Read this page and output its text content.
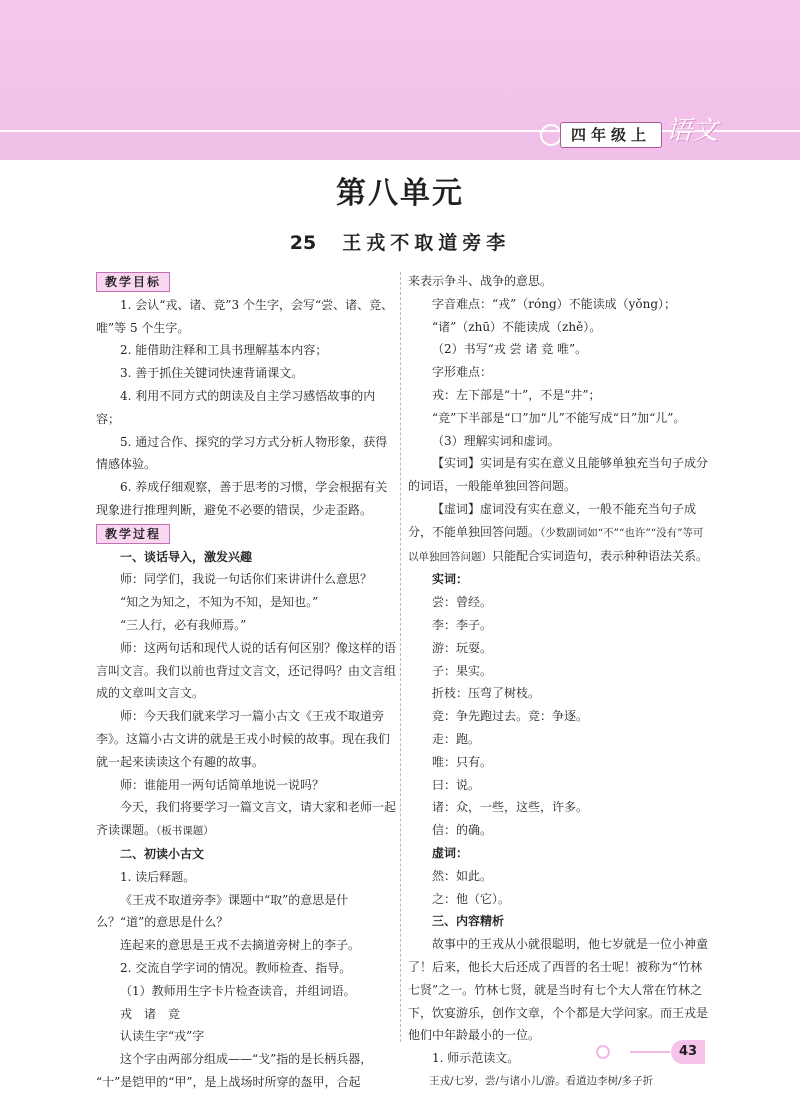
四年级上 语文
第八单元
25 王戎不取道旁李
教学目标

1. 会认“戎、诸、竞”3 个生字，会写“尝、诸、竞、唯”等 5 个生字。

2. 能借助注释和工具书理解基本内容；

3. 善于抓住关键词快速背诵课文。

4. 利用不同方式的朗读及自主学习感悟故事的内容；

5. 通过合作、探究的学习方式分析人物形象，获得情感体验。

6. 养成仔细观察，善于思考的习惯，学会根据有关现象进行推理判断，避免不必要的错误，少走歪路。

教学过程

一、谈话导入，激发兴趣

师：同学们，我说一句话你们来讲讲什么意思？

“知之为知之，不知为不知，是知也。”

“三人行，必有我师焉。”

师：这两句话和现代人说的话有何区别？像这样的语言叫文言。我们以前也背过文言文，还记得吗？由文言组成的文章叫文言文。

师：今天我们就来学习一篇小古文《王戎不取道旁李》。这篇小古文讲的就是王戎小时候的故事。现在我们就一起来读读这个有趣的故事。

师：谁能用一两句话简单地说一说吗？

今天，我们将要学习一篇文言文，请大家和老师一起齐读课题。（板书课题）

二、初读小古文

1. 读后释题。

《王戎不取道旁李》课题中“取”的意思是什么？“道”的意思是什么？

连起来的意思是王戎不去摘道旁树上的李子。

2. 交流自学字词的情况。教师检查、指导。

（1）教师用生字卡片检查读音，并组词语。

戎　诸　竞

认读生字“戎”字

这个字由两部分组成——“戈”指的是长柄兵器，

“十”是铠甲的“甲”，是上战场时所穿的盔甲，合起

来表示争斗、战争的意思。

字音难点：“戎”（róng）不能读成（yǒng）；

“诸”（zhū）不能读成（zhě）。

（2）书写“戎 尝 诸 竞 唯”。

字形难点：

戎：左下部是“十”，不是“井”；

“竞”下半部是“口”加“儿”不能写成“日”加“儿”。

（3）理解实词和虚词。

【实词】实词是有实在意义且能够单独充当句子成分的词语，一般能单独回答问题。

【虚词】虚词没有实在意义，一般不能充当句子成分，不能单独回答问题。（少数副词如“不”“也许”“没有”等可以单独回答问题）只能配合实词造句，表示种种语法关系。

实词：

尝：曾经。

李：李子。

游：玩耍。

子：果实。

折枝：压弯了树枝。

竞：争先跑过去。竞：争逐。

走：跑。

唯：只有。

曰：说。

诸：众，一些，这些，许多。

信：的确。

虚词：

然：如此。

之：他（它）。

三、内容精析

故事中的王戎从小就很聪明，他七岁就是一位小神童了！后来，他长大后还成了西晋的名士呢！被称为“竹林七贤”之一。竹林七贤，就是当时有七个大人常在竹林之下，饮宴游乐，创作文章，个个都是大学问家。而王戎是他们中年龄最小的一位。

1. 师示范读文。

王戎/七岁，尝/与诸小儿/游。看道边李树/多子折

43
